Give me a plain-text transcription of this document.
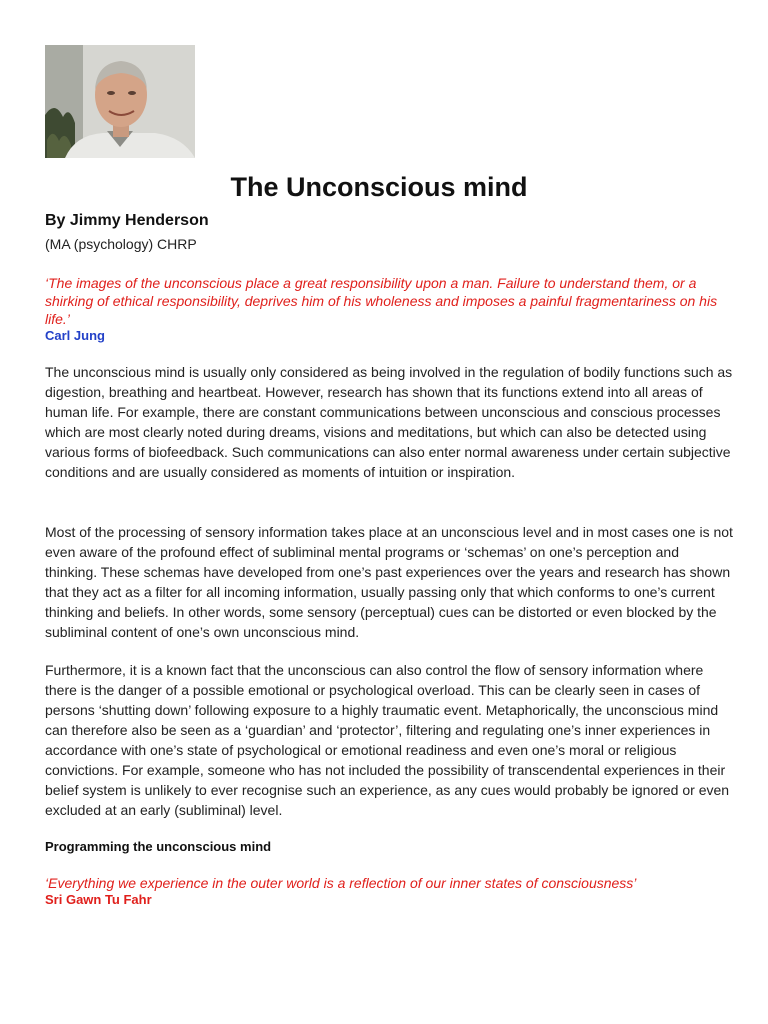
The Unconscious mind
By Jimmy Henderson
(MA (psychology) CHRP

‘The images of the unconscious place a great responsibility upon a man. Failure to understand them, or a shirking of ethical responsibility, deprives him of his wholeness and imposes a painful fragmentariness on his life.’

Carl Jung

The unconscious mind is usually only considered as being involved in the regulation of bodily functions such as digestion, breathing and heartbeat. However, research has shown that its functions extend into all areas of human life. For example, there are constant communications between unconscious and conscious processes which are most clearly noted during dreams, visions and meditations, but which can also be detected using various forms of biofeedback. Such communications can also enter normal awareness under certain subjective conditions and are usually considered as moments of intuition or inspiration.

Most of the processing of sensory information takes place at an unconscious level and in most cases one is not even aware of the profound effect of subliminal mental programs or ‘schemas’ on one’s perception and thinking. These schemas have developed from one’s past experiences over the years and research has shown that they act as a filter for all incoming information, usually passing only that which conforms to one’s current thinking and beliefs. In other words, some sensory (perceptual) cues can be distorted or even blocked by the subliminal content of one’s own unconscious mind.

Furthermore, it is a known fact that the unconscious can also control the flow of sensory information where there is the danger of a possible emotional or psychological overload. This can be clearly seen in cases of persons ‘shutting down’ following exposure to a highly traumatic event. Metaphorically, the unconscious mind can therefore also be seen as a ‘guardian’ and ‘protector’, filtering and regulating one’s inner experiences in accordance with one’s state of psychological or emotional readiness and even one’s moral or religious convictions. For example, someone who has not included the possibility of transcendental experiences in their belief system is unlikely to ever recognise such an experience, as any cues would probably be ignored or even excluded at an early (subliminal) level.

Programming the unconscious mind

‘Everything we experience in the outer world is a reflection of our inner states of consciousness’

Sri Gawn Tu Fahr
